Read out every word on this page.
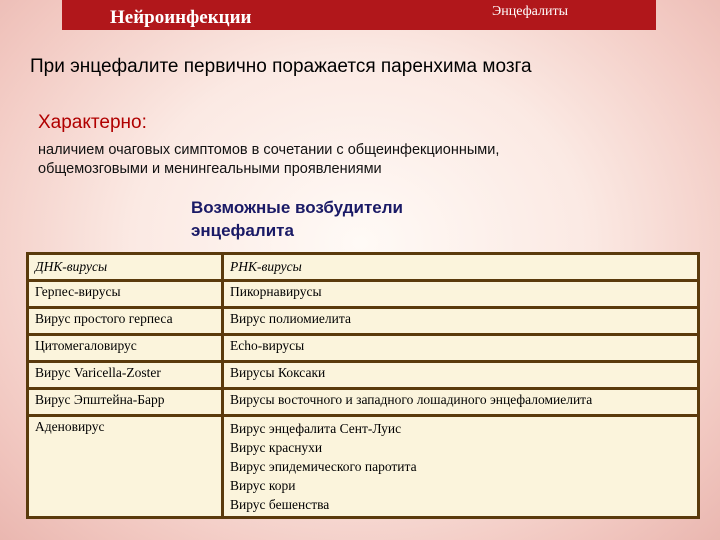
Нейроинфекции	Энцефалиты
При энцефалите первично поражается паренхима мозга
Характерно:
наличием очаговых симптомов в сочетании с общеинфекционными,
общемозговыми и менингеальными проявлениями
Возможные возбудители
энцефалита
ДНК-вирусы	РНК-вирусы
Герпес-вирусы	Пикорнавирусы
Вирус простого герпеса	Вирус полиомиелита
Цитомегаловирус	Echo-вирусы
Вирус Varicella-Zoster	Вирусы Коксаки
Вирус Эпштейна-Барр	Вирусы восточного и западного лошадиного энцефаломиелита
Аденовирус	Вирус энцефалита Сент-Луис
Вирус краснухи
Вирус эпидемического паротита
Вирус кори
Вирус бешенства
